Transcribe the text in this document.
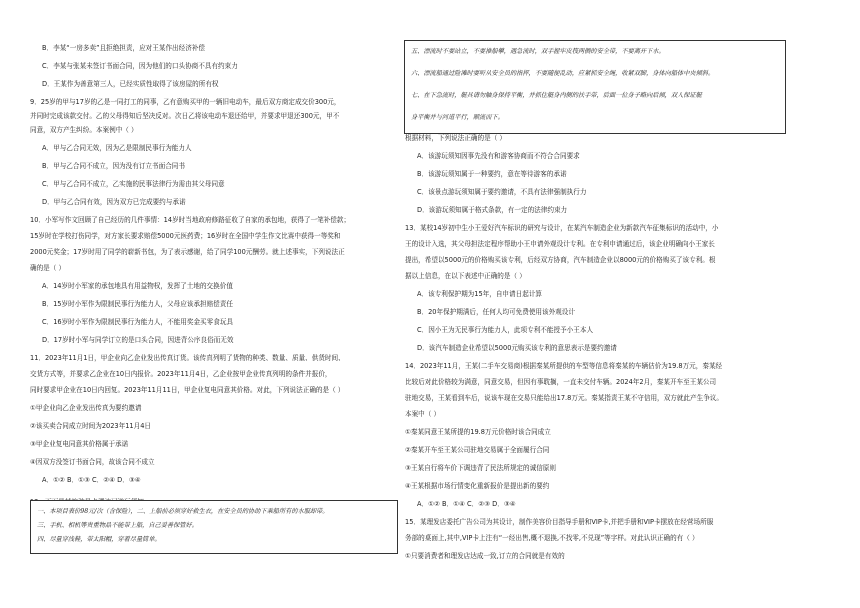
B．李某“一房多卖”且拒绝担责，应对王某作出经济补偿
C．李某与张某未签订书面合同，因为他们的口头协商不具有约束力
D．王某作为善意第三人，已经实质性取得了该房屋的所有权
9．25岁的甲与17岁的乙是一同打工的同事，乙有意购买甲的一辆旧电动车，最后双方商定成交价300元，
并同时完成该款交付。乙的父母得知后坚决反对。次日乙将该电动车退还给甲，并要求甲退还300元，甲不
同意，双方产生纠纷。本案例中（ ）
A．甲与乙合同无效，因为乙是限制民事行为能力人
B．甲与乙合同不成立，因为没有订立书面合同书
C．甲与乙合同不成立，乙实施的民事法律行为需由其父母同意
D．甲与乙合同有效，因为双方已完成要约与承诺
10．小军写作文回顾了自己经历的几件事情：14岁时当地政府修路征收了自家的承包地，获得了一笔补偿款；
15岁时在学校打伤同学，对方家长要求赔偿5000元医药费；16岁时在全国中学生作文比赛中获得一等奖和
2000元奖金；17岁时用了同学的崭新书包，为了表示感谢，给了同学100元酬劳。就上述事实，下列说法正
确的是（ ）
A．14岁时小军家的承包地具有用益物权，发挥了土地的交换价值
B．15岁时小军作为限制民事行为能力人，父母应该承担赔偿责任
C．16岁时小军作为限制民事行为能力人，不能用奖金买零食玩具
D．17岁时小军与同学订立的是口头合同，因进背公序良俗而无效
11．2023年11月1日，甲企业向乙企业发出传真订货。该传真列明了货物的种类、数量、质量、供货时间、
交货方式等，并要求乙企业在10日内报价。2023年11月4日，乙企业按甲企业传真列明的条件并报价，
同时要求甲企业在10日内回复。2023年11月11日，甲企业复电同意其价格。对此，下列说法正确的是（ ）
①甲企业向乙企业发出传真为要约邀请
②该买卖合同成立时间为2023年11月4日
③甲企业复电同意其价格属于承诺
④因双方没签订书面合同，故该合同不成立
A．①② B．①③ C．②④ D．③④
一、本项目表价98元/次（含保险），二、上船前必须穿好救生衣，在安全员的协助下乘船所有的水服却带。
三、手机、相机等贵重物品不能带上船，自己妥善保管好。
四、尽量穿浅鞋，带太阳帽，穿着尽量简单。
五、漂流时不要站立，不要推船攀，遇急流时，双手握牢皮筏两侧的安全带，不要离开下水。
六、漂流船通过险滩时要听从安全员的指挥，不要随便乱动，应紧抓安全绳，收紧双脚，身体向船体中央倾斜。
七、在下急流时，艇具请勿触身保持平衡，并抓住艇身内侧的扶手带，后面一位身子略向后倾，双人保证艇
身平衡并与河道平行，顺流而下。
根据材料，下列说法正确的是（ ）
A．该游玩须知因事先没有和游客协商而不符合合同要求
B．该游玩须知属于一种要约，意在等待游客的承诺
C．该景点游玩须知属于要约邀请，不具有法律强制执行力
D．该游玩须知属于格式条款，有一定的法律约束力
13．某校14岁初中生小王爱好汽车标识的研究与设计，在某汽车制造企业为新款汽车征集标识的活动中，小
王的设计入选，其父母担法定程序帮助小王申请外观设计专利。在专利申请通过后，该企业明确向小王家长
提出，希望以5000元的价格购买该专利，后经双方协商，汽车制造企业以8000元的价格购买了该专利。根
据以上信息，在以下表述中正确的是（ ）
A．该专利保护期为15年，自申请日起计算
B．20年保护期满后，任何人均可免费使用该外观设计
C．因小王为无民事行为能力人，此项专利不能授予小王本人
D．该汽车制造企业希望以5000元购买该专利的意思表示是要约邀请
14．2023年11月，王某(二手车交易商)根据秦某所提供的车型等信息将秦某的车辆估价为19.8万元，秦某经
比较后对此价格较为满意，同意交易，但因有事耽搁，一直未交付车辆。2024年2月，秦某开车至王某公司
驻地交易，王某看到车后，说该车现在交易只能给出17.8万元。秦某指责王某不守信用，双方就此产生争议。
本案中（ ）
①秦某同意王某所提的19.8万元价格时该合同成立
②秦某开车至王某公司驻地交易属于全面履行合同
③王某自行将车价下调违背了民法所规定的诚信原则
④王某根据市场行情变化重新报价是提出新的要约
A．①② B．①④ C．②③ D．③④
15．某理发店委托广告公司为其设计，制作美容价目指导手册和VIP卡,并把手册和VIP卡摆放在经营场所服
务部的桌面上,其中,VIP卡上注有“一经出售,概不退换,不找零,不兑现”等字样。对此认识正确的有（ ）
①只要消费者和理发店达成一致,订立的合同就是有效的
